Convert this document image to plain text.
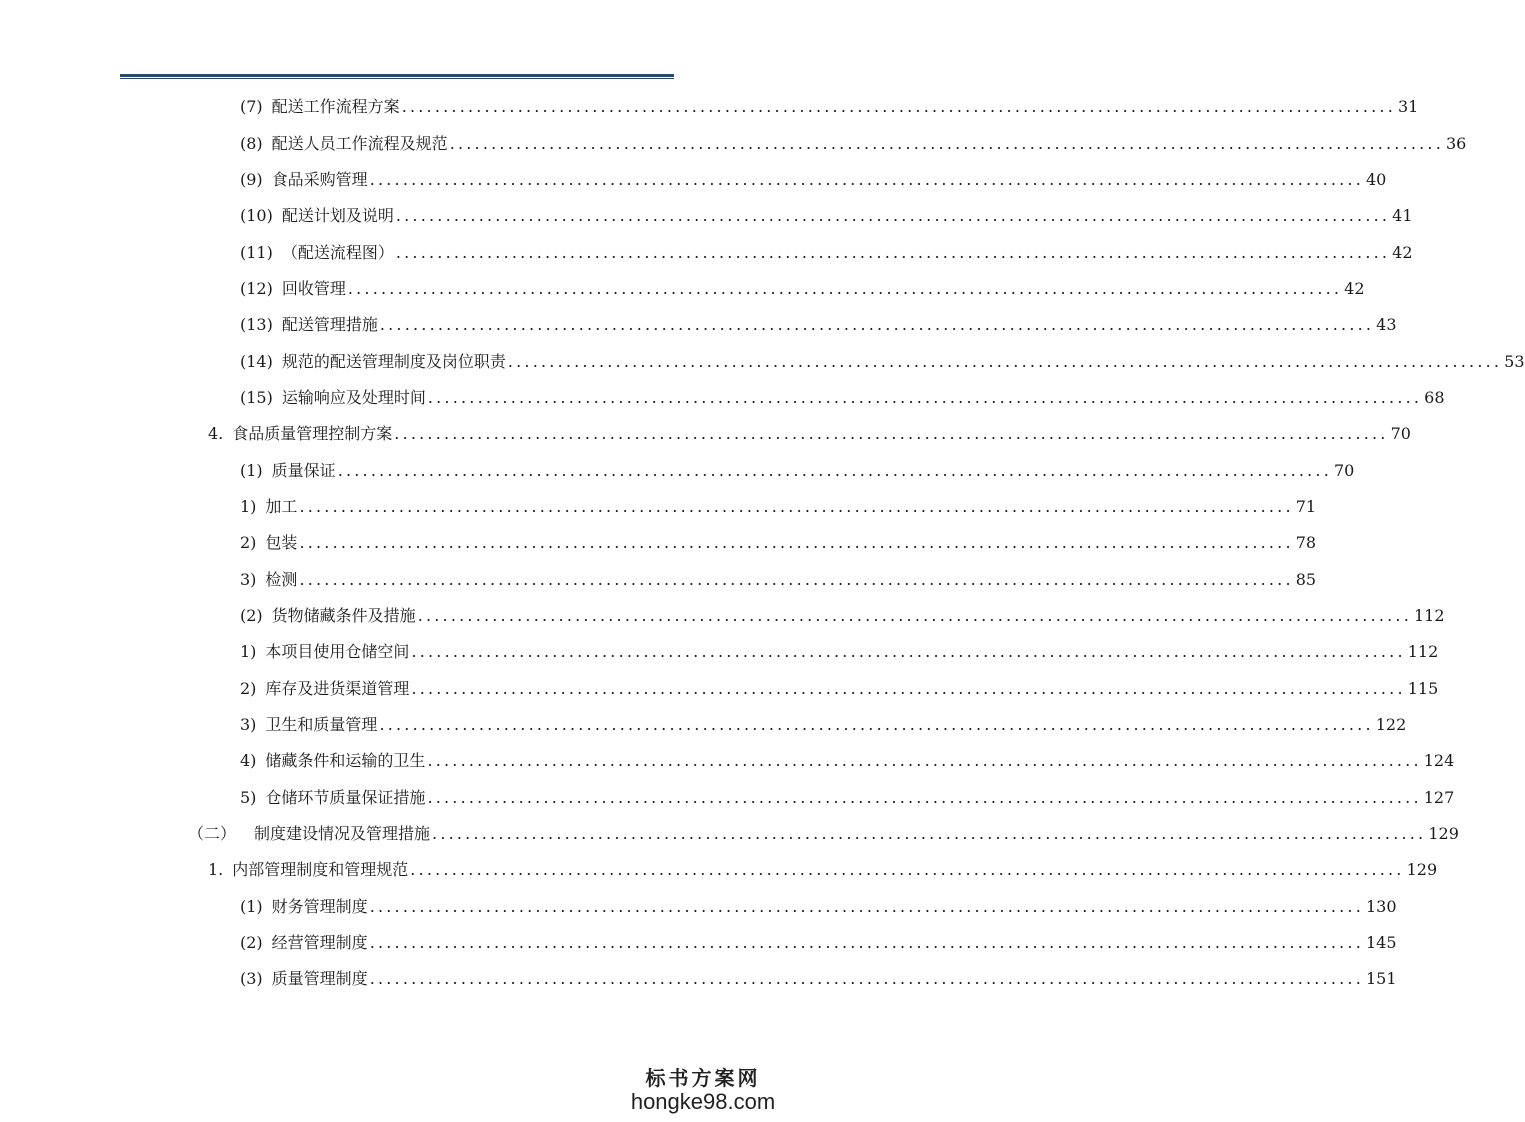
(7) 配送工作流程方案 ........................................................................................................................ 31
(8) 配送人员工作流程及规范 ........................................................................................................................ 36
(9) 食品采购管理 ........................................................................................................................ 40
(10) 配送计划及说明 ........................................................................................................................ 41
(11) （配送流程图） ........................................................................................................................ 42
(12) 回收管理 ........................................................................................................................ 42
(13) 配送管理措施 ........................................................................................................................ 43
(14) 规范的配送管理制度及岗位职责 ........................................................................................................................ 53
(15) 运输响应及处理时间 ........................................................................................................................ 68
4. 食品质量管理控制方案 ........................................................................................................................ 70
(1) 质量保证 ........................................................................................................................ 70
1) 加工 ........................................................................................................................ 71
2) 包装 ........................................................................................................................ 78
3) 检测 ........................................................................................................................ 85
(2) 货物储藏条件及措施 ........................................................................................................................ 112
1) 本项目使用仓储空间 ........................................................................................................................ 112
2) 库存及进货渠道管理 ........................................................................................................................ 115
3) 卫生和质量管理 ........................................................................................................................ 122
4) 储藏条件和运输的卫生 ........................................................................................................................ 124
5) 仓储环节质量保证措施 ........................................................................................................................ 127
（二） 制度建设情况及管理措施 ........................................................................................................................ 129
1. 内部管理制度和管理规范 ........................................................................................................................ 129
(1) 财务管理制度 ........................................................................................................................ 130
(2) 经营管理制度 ........................................................................................................................ 145
(3) 质量管理制度 ........................................................................................................................ 151
标书方案网
hongke98.com
